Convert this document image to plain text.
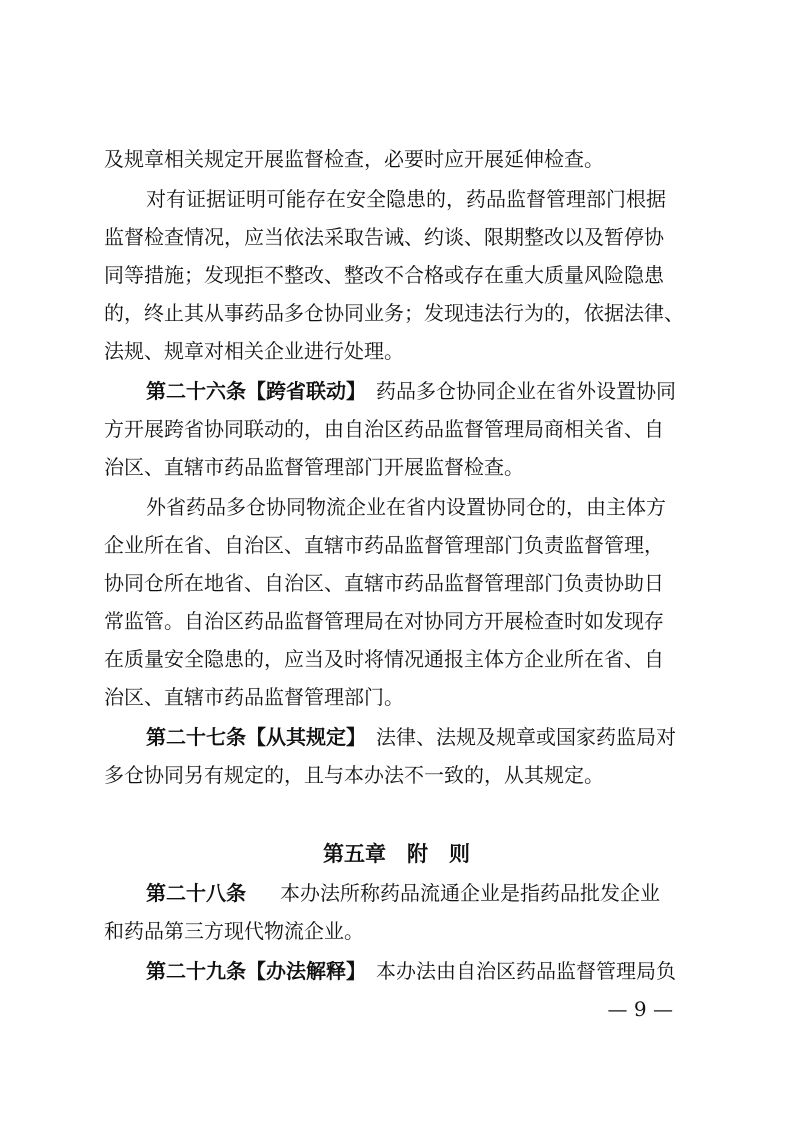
及规章相关规定开展监督检查，必要时应开展延伸检查。
对有证据证明可能存在安全隐患的，药品监督管理部门根据
监督检查情况，应当依法采取告诫、约谈、限期整改以及暂停协
同等措施；发现拒不整改、整改不合格或存在重大质量风险隐患
的，终止其从事药品多仓协同业务；发现违法行为的，依据法律、
法规、规章对相关企业进行处理。
第二十六条【跨省联动】 药品多仓协同企业在省外设置协同
方开展跨省协同联动的，由自治区药品监督管理局商相关省、自
治区、直辖市药品监督管理部门开展监督检查。
外省药品多仓协同物流企业在省内设置协同仓的，由主体方
企业所在省、自治区、直辖市药品监督管理部门负责监督管理，
协同仓所在地省、自治区、直辖市药品监督管理部门负责协助日
常监管。自治区药品监督管理局在对协同方开展检查时如发现存
在质量安全隐患的，应当及时将情况通报主体方企业所在省、自
治区、直辖市药品监督管理部门。
第二十七条【从其规定】 法律、法规及规章或国家药监局对
多仓协同另有规定的，且与本办法不一致的，从其规定。
第五章　附　则
第二十八条 本办法所称药品流通企业是指药品批发企业
和药品第三方现代物流企业。
第二十九条【办法解释】 本办法由自治区药品监督管理局负
— 9 —
